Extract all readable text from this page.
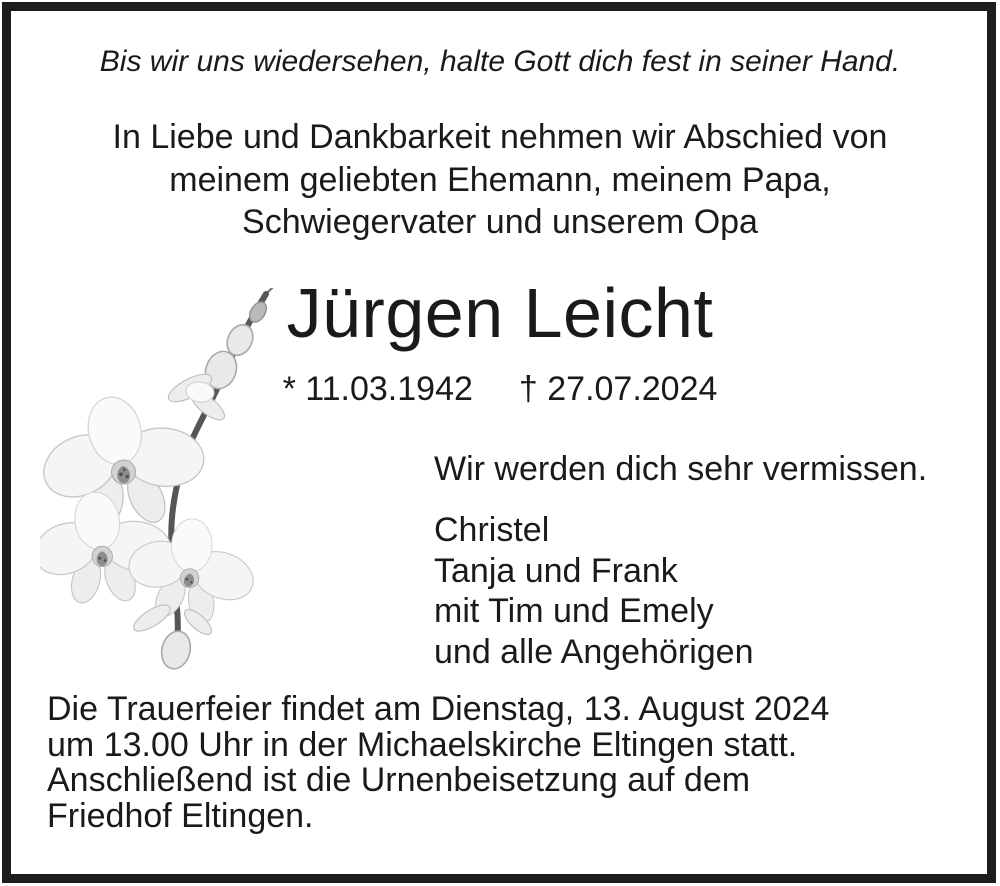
Bis wir uns wiedersehen, halte Gott dich fest in seiner Hand.
In Liebe und Dankbarkeit nehmen wir Abschied von
meinem geliebten Ehemann, meinem Papa,
Schwiegervater und unserem Opa
Jürgen Leicht
* 11.03.1942 † 27.07.2024
Wir werden dich sehr vermissen.
Christel
Tanja und Frank
mit Tim und Emely
und alle Angehörigen
Die Trauerfeier findet am Dienstag, 13. August 2024
um 13.00 Uhr in der Michaelskirche Eltingen statt.
Anschließend ist die Urnenbeisetzung auf dem
Friedhof Eltingen.
